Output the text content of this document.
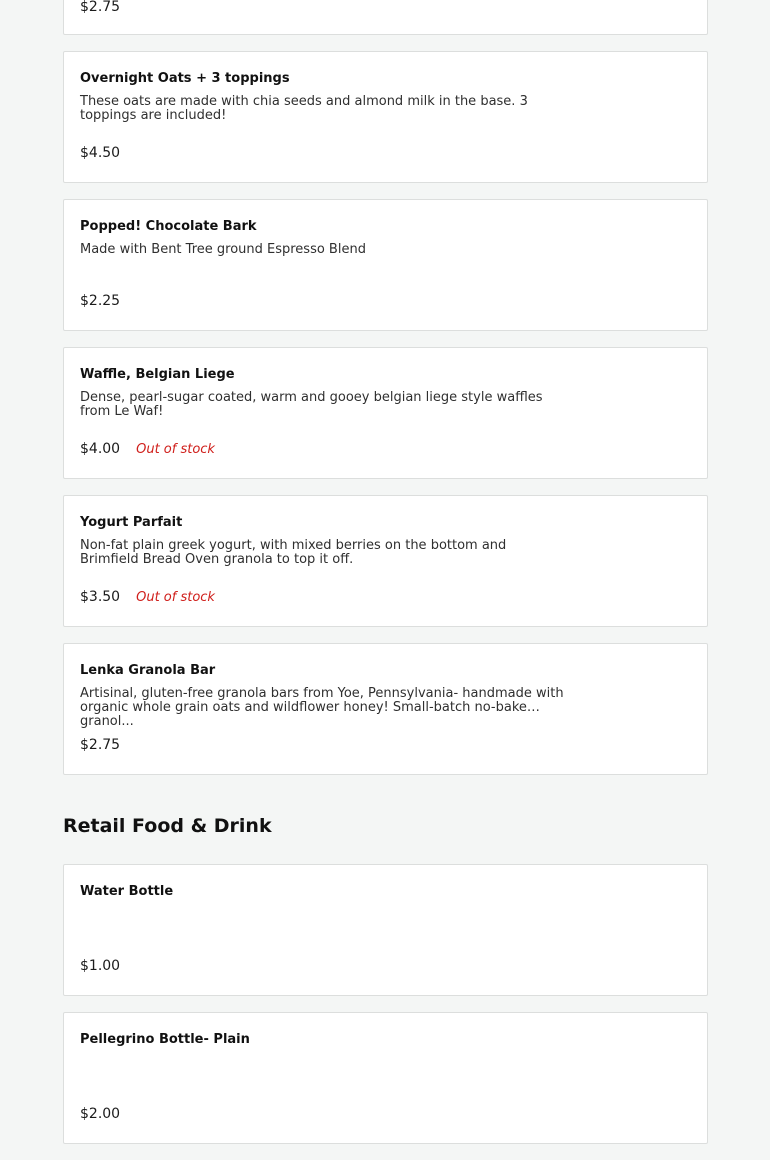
$2.75
Overnight Oats + 3 toppings
These oats are made with chia seeds and almond milk in the base. 3 toppings are included!
$4.50
Popped! Chocolate Bark
Made with Bent Tree ground Espresso Blend
$2.25
Waffle, Belgian Liege
Dense, pearl-sugar coated, warm and gooey belgian liege style waffles from Le Waf!
$4.00 Out of stock
Yogurt Parfait
Non-fat plain greek yogurt, with mixed berries on the bottom and Brimfield Bread Oven granola to top it off.
$3.50 Out of stock
Lenka Granola Bar
Artisinal, gluten-free granola bars from Yoe, Pennsylvania- handmade with organic whole grain oats and wildflower honey! Small-batch no-bake granol...
$2.75
Retail Food & Drink
Water Bottle
$1.00
Pellegrino Bottle- Plain
$2.00
